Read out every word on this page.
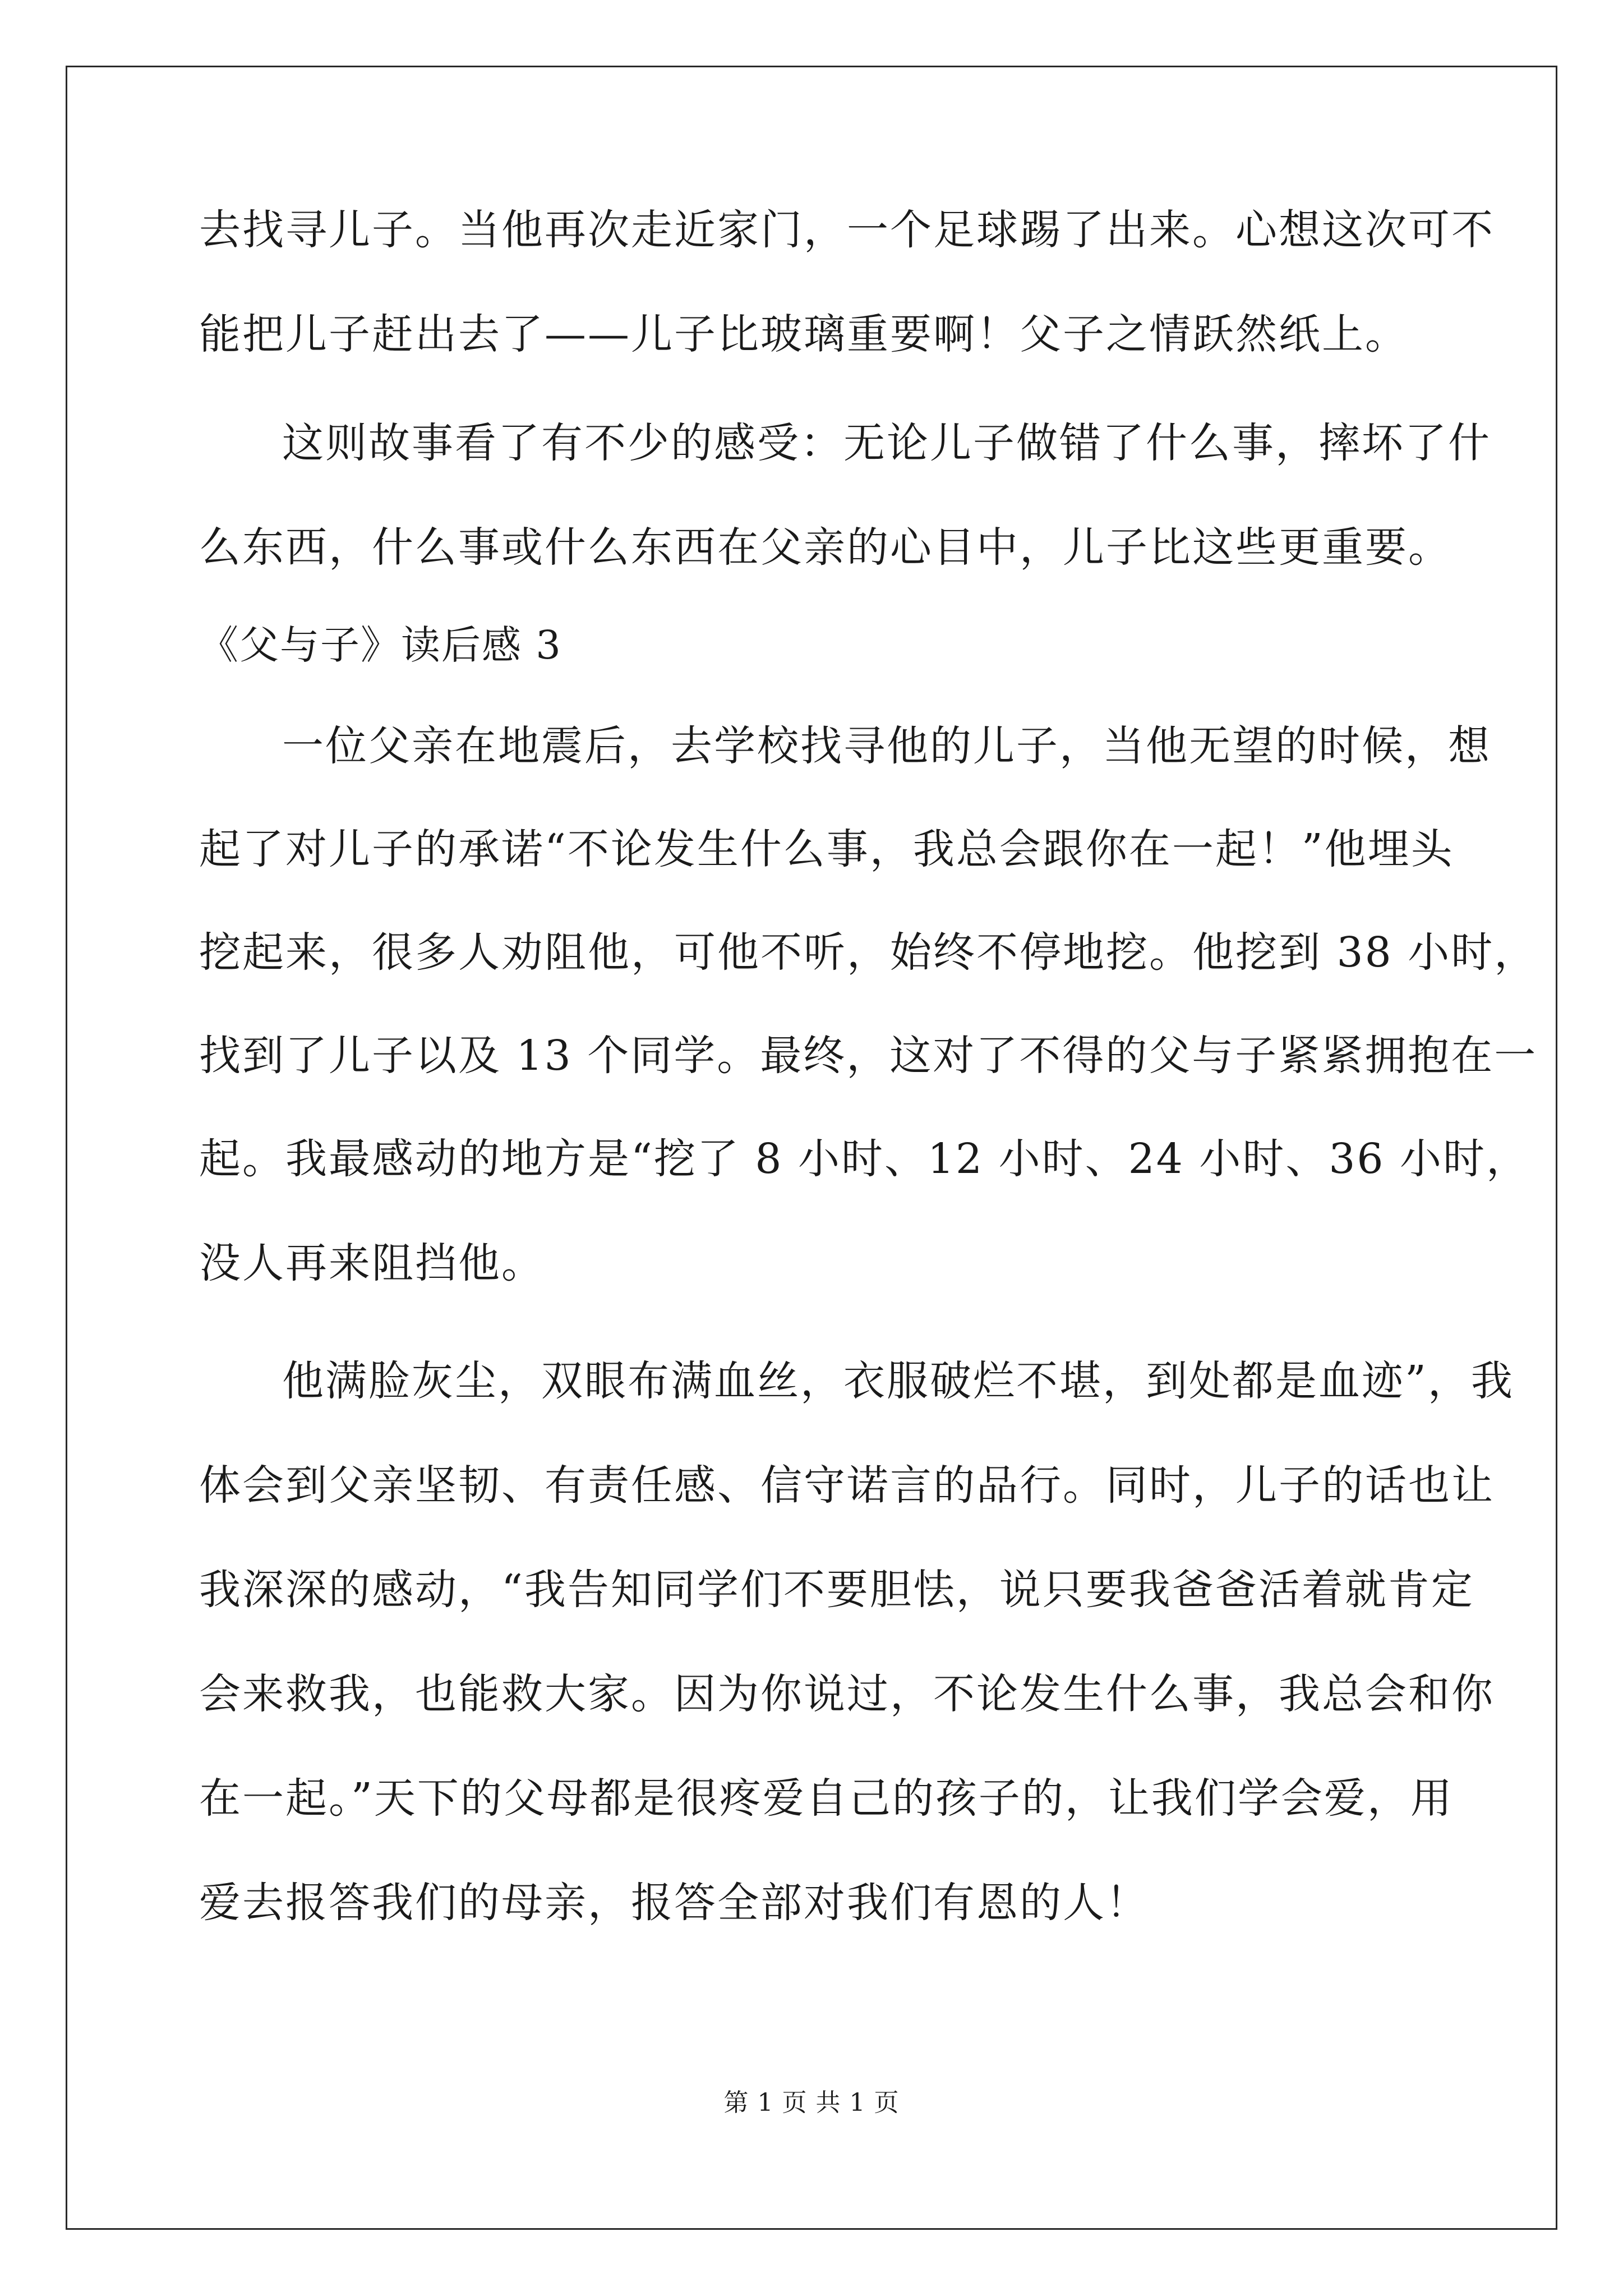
去找寻儿子。当他再次走近家门，一个足球踢了出来。心想这次可不
能把儿子赶出去了——儿子比玻璃重要啊！父子之情跃然纸上。
这则故事看了有不少的感受：无论儿子做错了什么事，摔坏了什
么东西，什么事或什么东西在父亲的心目中，儿子比这些更重要。
《父与子》读后感 3
一位父亲在地震后，去学校找寻他的儿子，当他无望的时候，想
起了对儿子的承诺“不论发生什么事，我总会跟你在一起！”他埋头
挖起来，很多人劝阻他，可他不听，始终不停地挖。他挖到 38 小时，
找到了儿子以及 13 个同学。最终，这对了不得的父与子紧紧拥抱在一
起。我最感动的地方是“挖了 8 小时、12 小时、24 小时、36 小时，
没人再来阻挡他。
他满脸灰尘，双眼布满血丝，衣服破烂不堪，到处都是血迹”，我
体会到父亲坚韧、有责任感、信守诺言的品行。同时，儿子的话也让
我深深的感动，“我告知同学们不要胆怯，说只要我爸爸活着就肯定
会来救我，也能救大家。因为你说过，不论发生什么事，我总会和你
在一起。”天下的父母都是很疼爱自己的孩子的，让我们学会爱，用
爱去报答我们的母亲，报答全部对我们有恩的人！
第 1 页 共 1 页
